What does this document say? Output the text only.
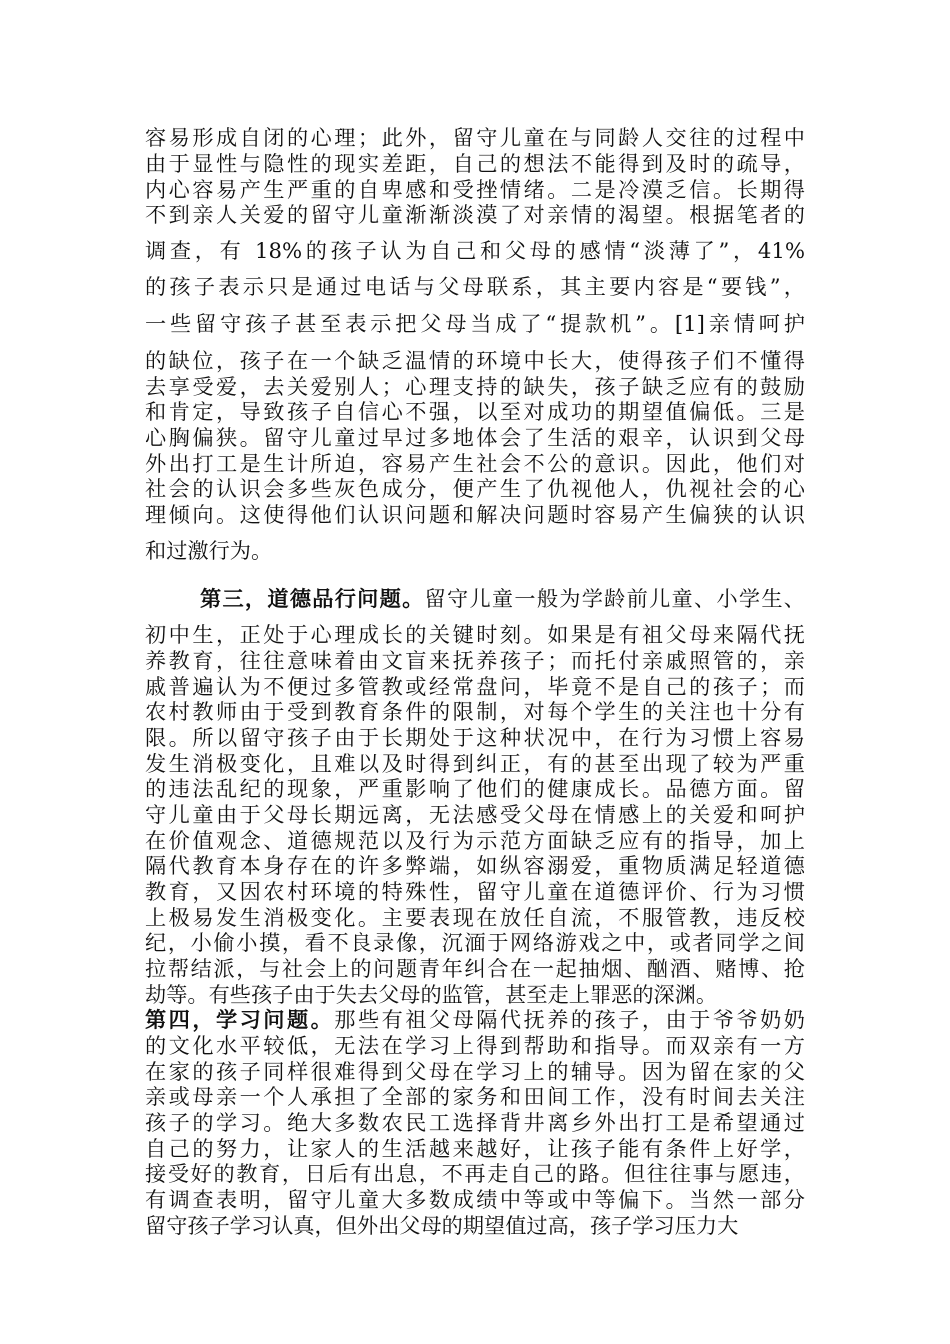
容易形成自闭的心理；此外，留守儿童在与同龄人交往的过程中
由于显性与隐性的现实差距，自己的想法不能得到及时的疏导，
内心容易产生严重的自卑感和受挫情绪。二是冷漠乏信。长期得
不到亲人关爱的留守儿童渐渐淡漠了对亲情的渴望。根据笔者的
调查，有 18%的孩子认为自己和父母的感情“淡薄了”，41%
的孩子表示只是通过电话与父母联系，其主要内容是“要钱”，
一些留守孩子甚至表示把父母当成了“提款机”。[1]亲情呵护
的缺位，孩子在一个缺乏温情的环境中长大，使得孩子们不懂得
去享受爱，去关爱别人；心理支持的缺失，孩子缺乏应有的鼓励
和肯定，导致孩子自信心不强，以至对成功的期望值偏低。三是
心胸偏狭。留守儿童过早过多地体会了生活的艰辛，认识到父母
外出打工是生计所迫，容易产生社会不公的意识。因此，他们对
社会的认识会多些灰色成分，便产生了仇视他人，仇视社会的心
理倾向。这使得他们认识问题和解决问题时容易产生偏狭的认识
和过激行为。
第三，道德品行问题。留守儿童一般为学龄前儿童、小学生、
初中生，正处于心理成长的关键时刻。如果是有祖父母来隔代抚
养教育，往往意味着由文盲来抚养孩子；而托付亲戚照管的，亲
戚普遍认为不便过多管教或经常盘问，毕竟不是自己的孩子；而
农村教师由于受到教育条件的限制，对每个学生的关注也十分有
限。所以留守孩子由于长期处于这种状况中，在行为习惯上容易
发生消极变化，且难以及时得到纠正，有的甚至出现了较为严重
的违法乱纪的现象，严重影响了他们的健康成长。品德方面。留
守儿童由于父母长期远离，无法感受父母在情感上的关爱和呵护
在价值观念、道德规范以及行为示范方面缺乏应有的指导，加上
隔代教育本身存在的许多弊端，如纵容溺爱，重物质满足轻道德
教育，又因农村环境的特殊性，留守儿童在道德评价、行为习惯
上极易发生消极变化。主要表现在放任自流，不服管教，违反校
纪，小偷小摸，看不良录像，沉湎于网络游戏之中，或者同学之间
拉帮结派，与社会上的问题青年纠合在一起抽烟、酗酒、赌博、抢
劫等。有些孩子由于失去父母的监管，甚至走上罪恶的深渊。
第四，学习问题。那些有祖父母隔代抚养的孩子，由于爷爷奶奶
的文化水平较低，无法在学习上得到帮助和指导。而双亲有一方
在家的孩子同样很难得到父母在学习上的辅导。因为留在家的父
亲或母亲一个人承担了全部的家务和田间工作，没有时间去关注
孩子的学习。绝大多数农民工选择背井离乡外出打工是希望通过
自己的努力，让家人的生活越来越好，让孩子能有条件上好学，
接受好的教育，日后有出息，不再走自己的路。但往往事与愿违，
有调查表明，留守儿童大多数成绩中等或中等偏下。当然一部分
留守孩子学习认真，但外出父母的期望值过高，孩子学习压力大
